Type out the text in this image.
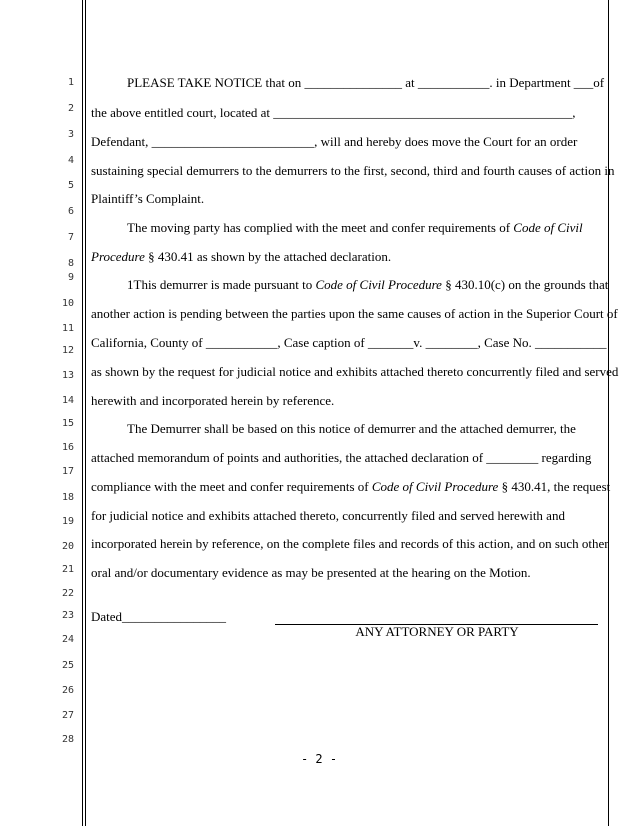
1
2
3
4
5
6
7
8
9
10
11
12
13
14
15
16
17
18
19
20
21
22
23
24
25
26
27
28
PLEASE TAKE NOTICE that on _______________ at ___________. in Department ___of
the above entitled court, located at ______________________________________________,
Defendant, _________________________, will and hereby does move the Court for an order
sustaining special demurrers to the demurrers to the first, second, third and fourth causes of action in
Plaintiff’s Complaint.
The moving party has complied with the meet and confer requirements of Code of Civil
Procedure § 430.41 as shown by the attached declaration.
1This demurrer is made pursuant to Code of Civil Procedure § 430.10(c) on the grounds that
another action is pending between the parties upon the same causes of action in the Superior Court of
California, County of ___________, Case caption of _______v. ________, Case No. ___________
as shown by the request for judicial notice and exhibits attached thereto concurrently filed and served
herewith and incorporated herein by reference.
The Demurrer shall be based on this notice of demurrer and the attached demurrer, the
attached memorandum of points and authorities, the attached declaration of ________ regarding
compliance with the meet and confer requirements of Code of Civil Procedure § 430.41, the request
for judicial notice and exhibits attached thereto, concurrently filed and served herewith and
incorporated herein by reference, on the complete files and records of this action, and on such other
oral and/or documentary evidence as may be presented at the hearing on the Motion.
Dated________________
ANY ATTORNEY OR PARTY
- 2 -
